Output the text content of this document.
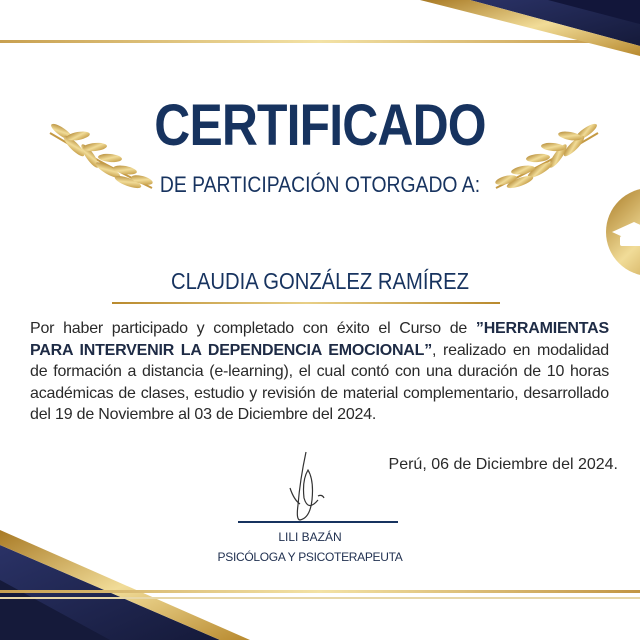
CERTIFICADO
DE PARTICIPACIÓN OTORGADO A:
CLAUDIA GONZÁLEZ RAMÍREZ
Por haber participado y completado con éxito el Curso de ”HERRAMIENTAS PARA INTERVENIR LA DEPENDENCIA EMOCIONAL”, realizado en modalidad de formación a distancia (e-learning), el cual contó con una duración de 10 horas académicas de clases, estudio y revisión de material complementario, desarrollado del 19 de Noviembre al 03 de Diciembre del 2024.
Perú, 06 de Diciembre del 2024.
LILI BAZÁN
PSICÓLOGA Y PSICOTERAPEUTA
